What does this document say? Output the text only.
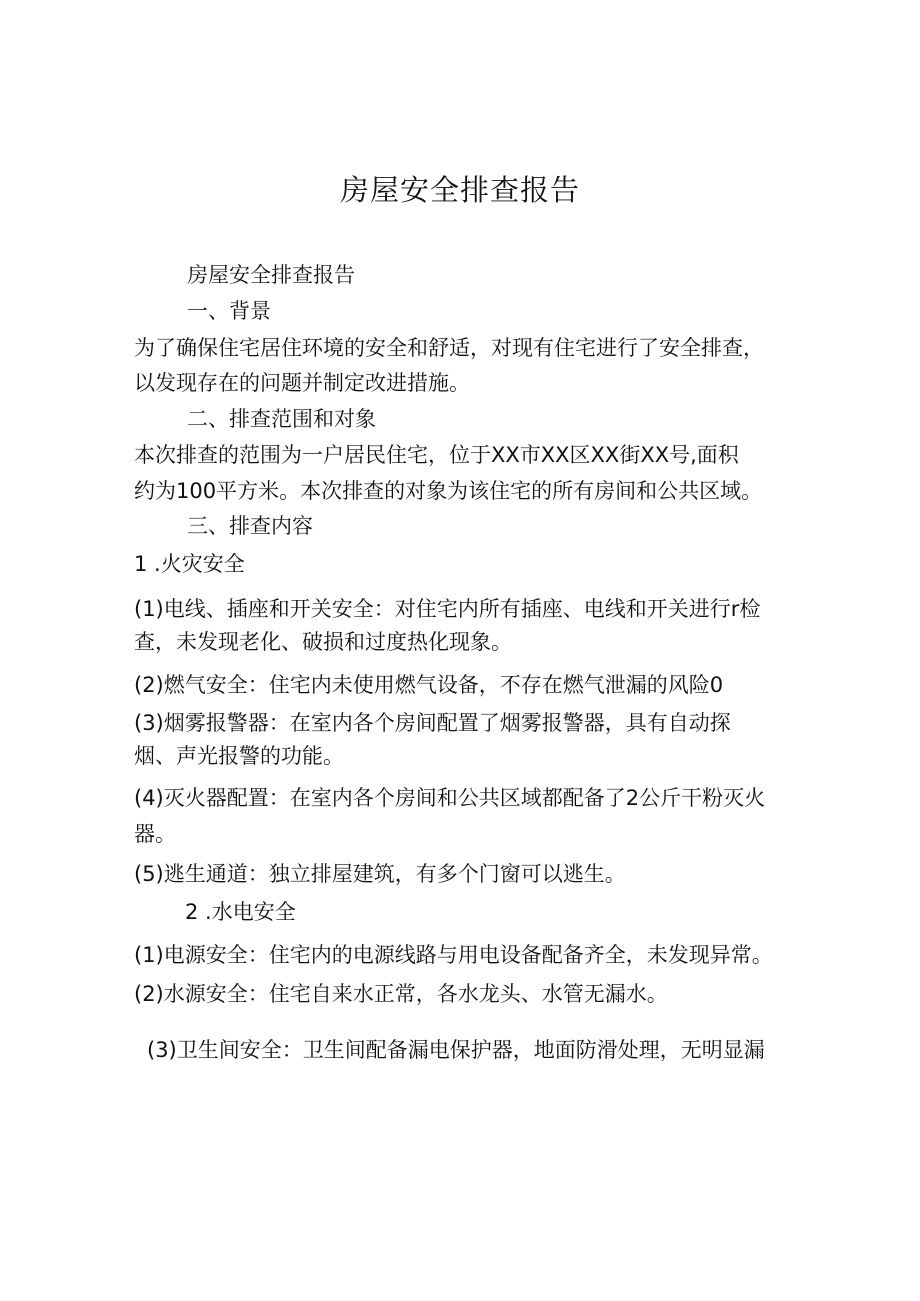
房屋安全排查报告
房屋安全排查报告
一、背景
为了确保住宅居住环境的安全和舒适，对现有住宅进行了安全排查，
以发现存在的问题并制定改进措施。
二、排查范围和对象
本次排查的范围为一户居民住宅，位于XX市XX区XX街XX号,面积
约为100平方米。本次排查的对象为该住宅的所有房间和公共区域。
三、排查内容
1 .火灾安全
(1)电线、插座和开关安全：对住宅内所有插座、电线和开关进行r检
查，未发现老化、破损和过度热化现象。
(2)燃气安全：住宅内未使用燃气设备，不存在燃气泄漏的风险0
(3)烟雾报警器：在室内各个房间配置了烟雾报警器，具有自动探
烟、声光报警的功能。
(4)灭火器配置：在室内各个房间和公共区域都配备了2公斤干粉灭火
器。
(5)逃生通道：独立排屋建筑，有多个门窗可以逃生。
2 .水电安全
(1)电源安全：住宅内的电源线路与用电设备配备齐全，未发现异常。
(2)水源安全：住宅自来水正常，各水龙头、水管无漏水。
(3)卫生间安全：卫生间配备漏电保护器，地面防滑处理，无明显漏
